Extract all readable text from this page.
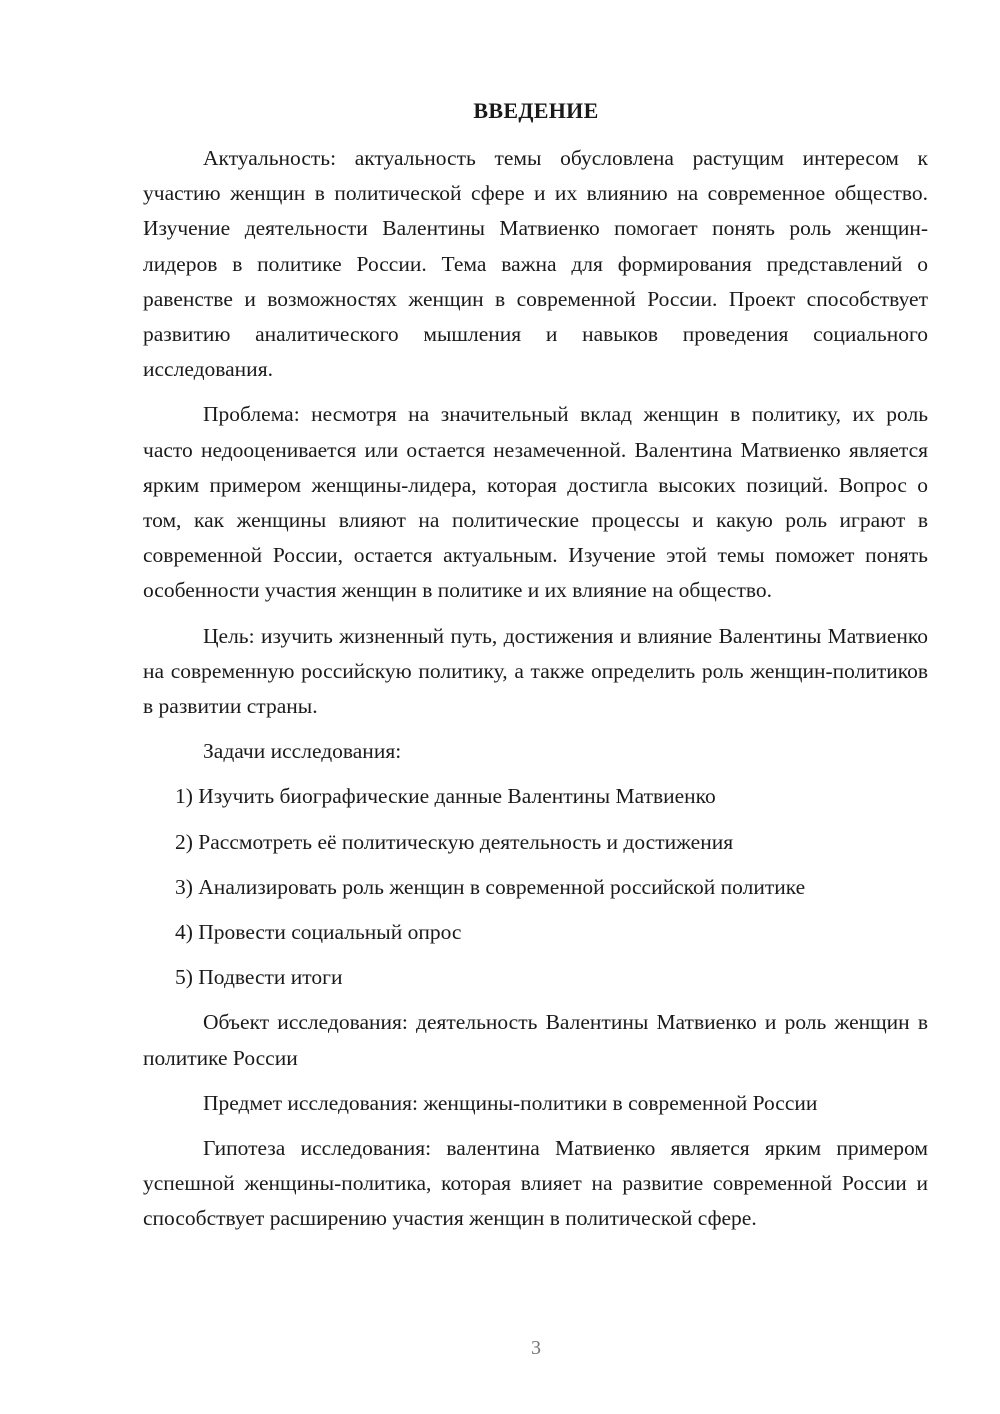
ВВЕДЕНИЕ

Актуальность: актуальность темы обусловлена растущим интересом к участию женщин в политической сфере и их влиянию на современное общество. Изучение деятельности Валентины Матвиенко помогает понять роль женщин-лидеров в политике России. Тема важна для формирования представлений о равенстве и возможностях женщин в современной России. Проект способствует развитию аналитического мышления и навыков проведения социального исследования.

Проблема: несмотря на значительный вклад женщин в политику, их роль часто недооценивается или остается незамеченной. Валентина Матвиенко является ярким примером женщины-лидера, которая достигла высоких позиций. Вопрос о том, как женщины влияют на политические процессы и какую роль играют в современной России, остается актуальным. Изучение этой темы поможет понять особенности участия женщин в политике и их влияние на общество.

Цель: изучить жизненный путь, достижения и влияние Валентины Матвиенко на современную российскую политику, а также определить роль женщин-политиков в развитии страны.

Задачи исследования:

1) Изучить биографические данные Валентины Матвиенко
2) Рассмотреть её политическую деятельность и достижения
3) Анализировать роль женщин в современной российской политике
4) Провести социальный опрос
5) Подвести итоги

Объект исследования: деятельность Валентины Матвиенко и роль женщин в политике России

Предмет исследования: женщины-политики в современной России

Гипотеза исследования: валентина Матвиенко является ярким примером успешной женщины-политика, которая влияет на развитие современной России и способствует расширению участия женщин в политической сфере.

3
